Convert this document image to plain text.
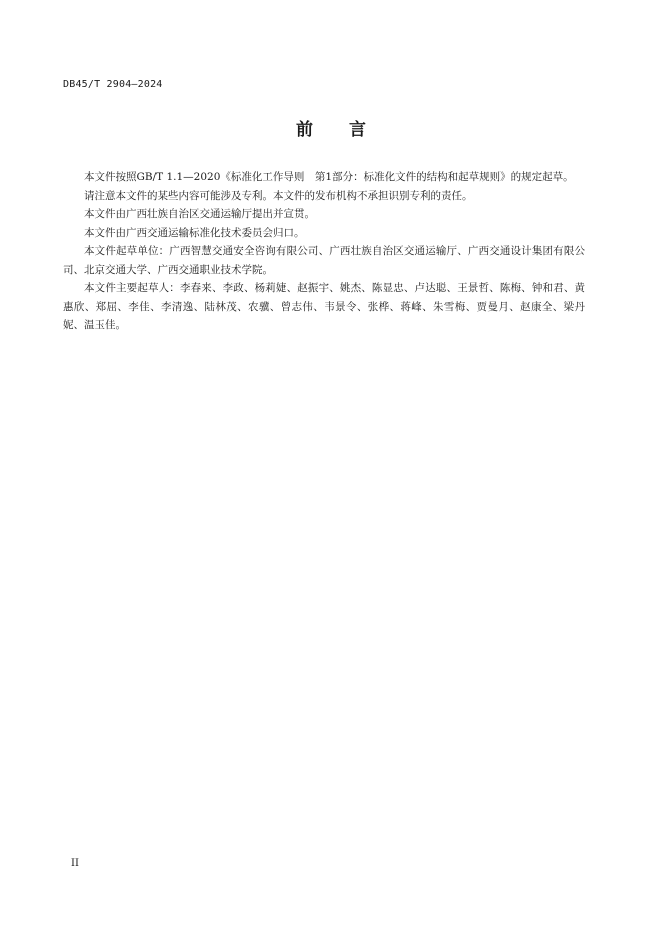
DB45/T 2904—2024
前 言

本文件按照GB/T 1.1—2020《标准化工作导则　第1部分：标准化文件的结构和起草规则》的规定起草。

请注意本文件的某些内容可能涉及专利。本文件的发布机构不承担识别专利的责任。

本文件由广西壮族自治区交通运输厅提出并宣贯。

本文件由广西交通运输标准化技术委员会归口。

本文件起草单位：广西智慧交通安全咨询有限公司、广西壮族自治区交通运输厅、广西交通设计集团有限公司、北京交通大学、广西交通职业技术学院。

本文件主要起草人：李春来、李政、杨莉婕、赵振宇、姚杰、陈显忠、卢达聪、王景哲、陈梅、钟和君、黄惠欣、郑屈、李佳、李清逸、陆林茂、农骥、曾志伟、韦景令、张桦、蒋峰、朱雪梅、贾曼月、赵康全、梁丹妮、温玉佳。

II
